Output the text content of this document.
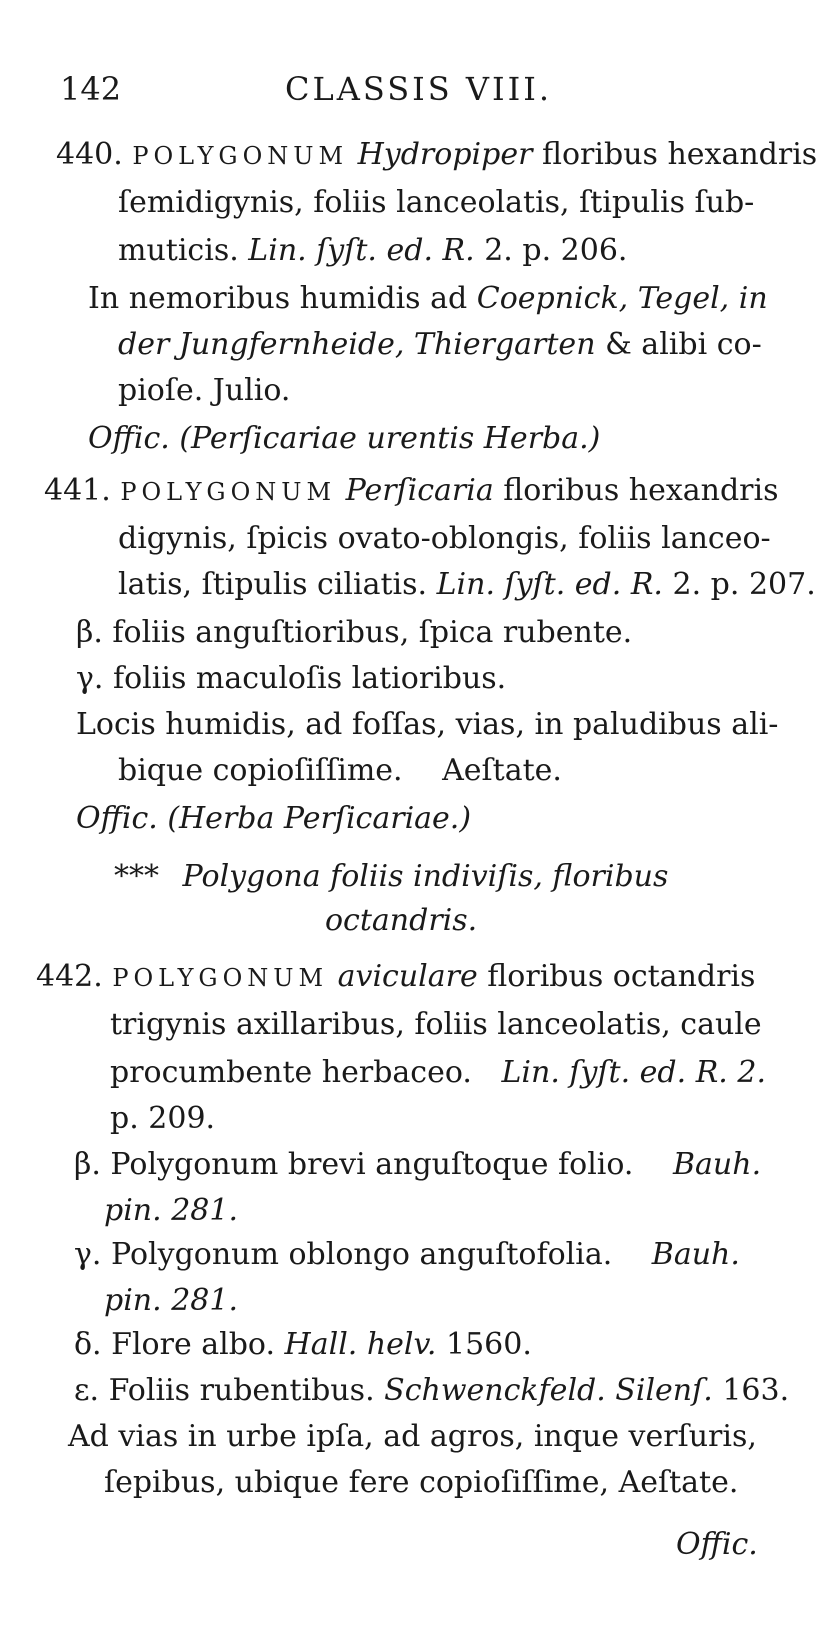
142	CLASSIS VIII.
440. POLYGONUM Hydropiper floribus hexandris
ſemidigynis, foliis lanceolatis, ſtipulis ſub-
muticis. Lin. ſyſt. ed. R. 2. p. 206.
In nemoribus humidis ad Coepnick, Tegel, in
der Jungfernheide, Thiergarten & alibi co-
pioſe. Julio.
Offic. (Perſicariae urentis Herba.)
441. POLYGONUM Perſicaria floribus hexandris
digynis, ſpicis ovato-oblongis, foliis lanceo-
latis, ſtipulis ciliatis. Lin. ſyſt. ed. R. 2. p. 207.
β. foliis anguſtioribus, ſpica rubente.
γ. foliis maculoſis latioribus.
Locis humidis, ad foſſas, vias, in paludibus ali-
bique copioſiſſime. Aeſtate.
Offic. (Herba Perſicariae.)
*** Polygona foliis indiviſis, floribus
octandris.
442. POLYGONUM aviculare floribus octandris
trigynis axillaribus, foliis lanceolatis, caule
procumbente herbaceo. Lin. ſyſt. ed. R. 2.
p. 209.
β. Polygonum brevi anguſtoque folio. Bauh.
pin. 281.
γ. Polygonum oblongo anguſtofolia. Bauh.
pin. 281.
δ. Flore albo. Hall. helv. 1560.
ε. Foliis rubentibus. Schwenckfeld. Silenſ. 163.
Ad vias in urbe ipſa, ad agros, inque verſuris,
ſepibus, ubique fere copioſiſſime, Aeſtate.
Offic.
